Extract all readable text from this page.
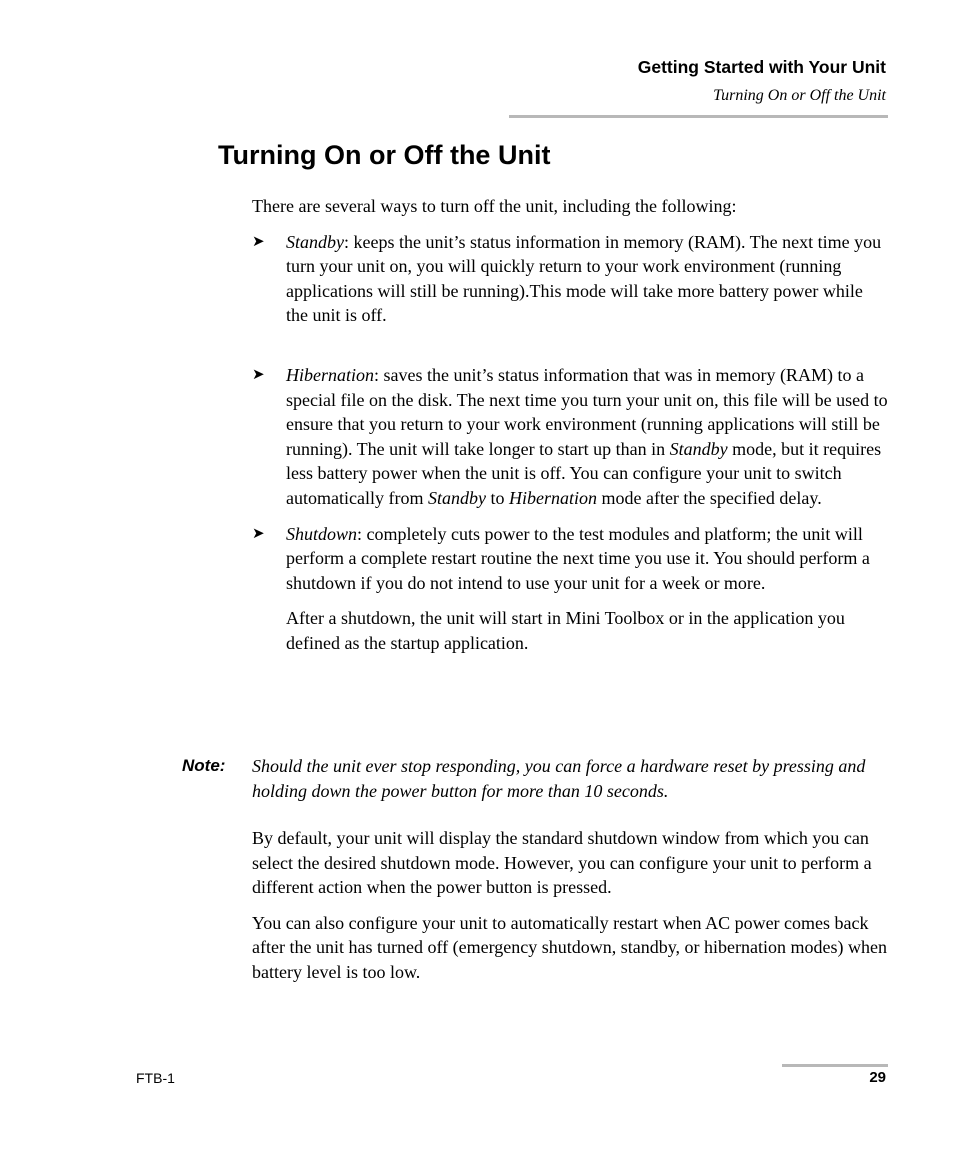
Getting Started with Your Unit
Turning On or Off the Unit
Turning On or Off the Unit

There are several ways to turn off the unit, including the following:

➤ Standby: keeps the unit’s status information in memory (RAM). The next time you turn your unit on, you will quickly return to your work environment (running applications will still be running).This mode will take more battery power while the unit is off.

➤ Hibernation: saves the unit’s status information that was in memory (RAM) to a special file on the disk. The next time you turn your unit on, this file will be used to ensure that you return to your work environment (running applications will still be running). The unit will take longer to start up than in Standby mode, but it requires less battery power when the unit is off. You can configure your unit to switch automatically from Standby to Hibernation mode after the specified delay.

➤ Shutdown: completely cuts power to the test modules and platform; the unit will perform a complete restart routine the next time you use it. You should perform a shutdown if you do not intend to use your unit for a week or more.

After a shutdown, the unit will start in Mini Toolbox or in the application you defined as the startup application.

Note: Should the unit ever stop responding, you can force a hardware reset by pressing and holding down the power button for more than 10 seconds.

By default, your unit will display the standard shutdown window from which you can select the desired shutdown mode. However, you can configure your unit to perform a different action when the power button is pressed.

You can also configure your unit to automatically restart when AC power comes back after the unit has turned off (emergency shutdown, standby, or hibernation modes) when battery level is too low.

FTB-1	29
